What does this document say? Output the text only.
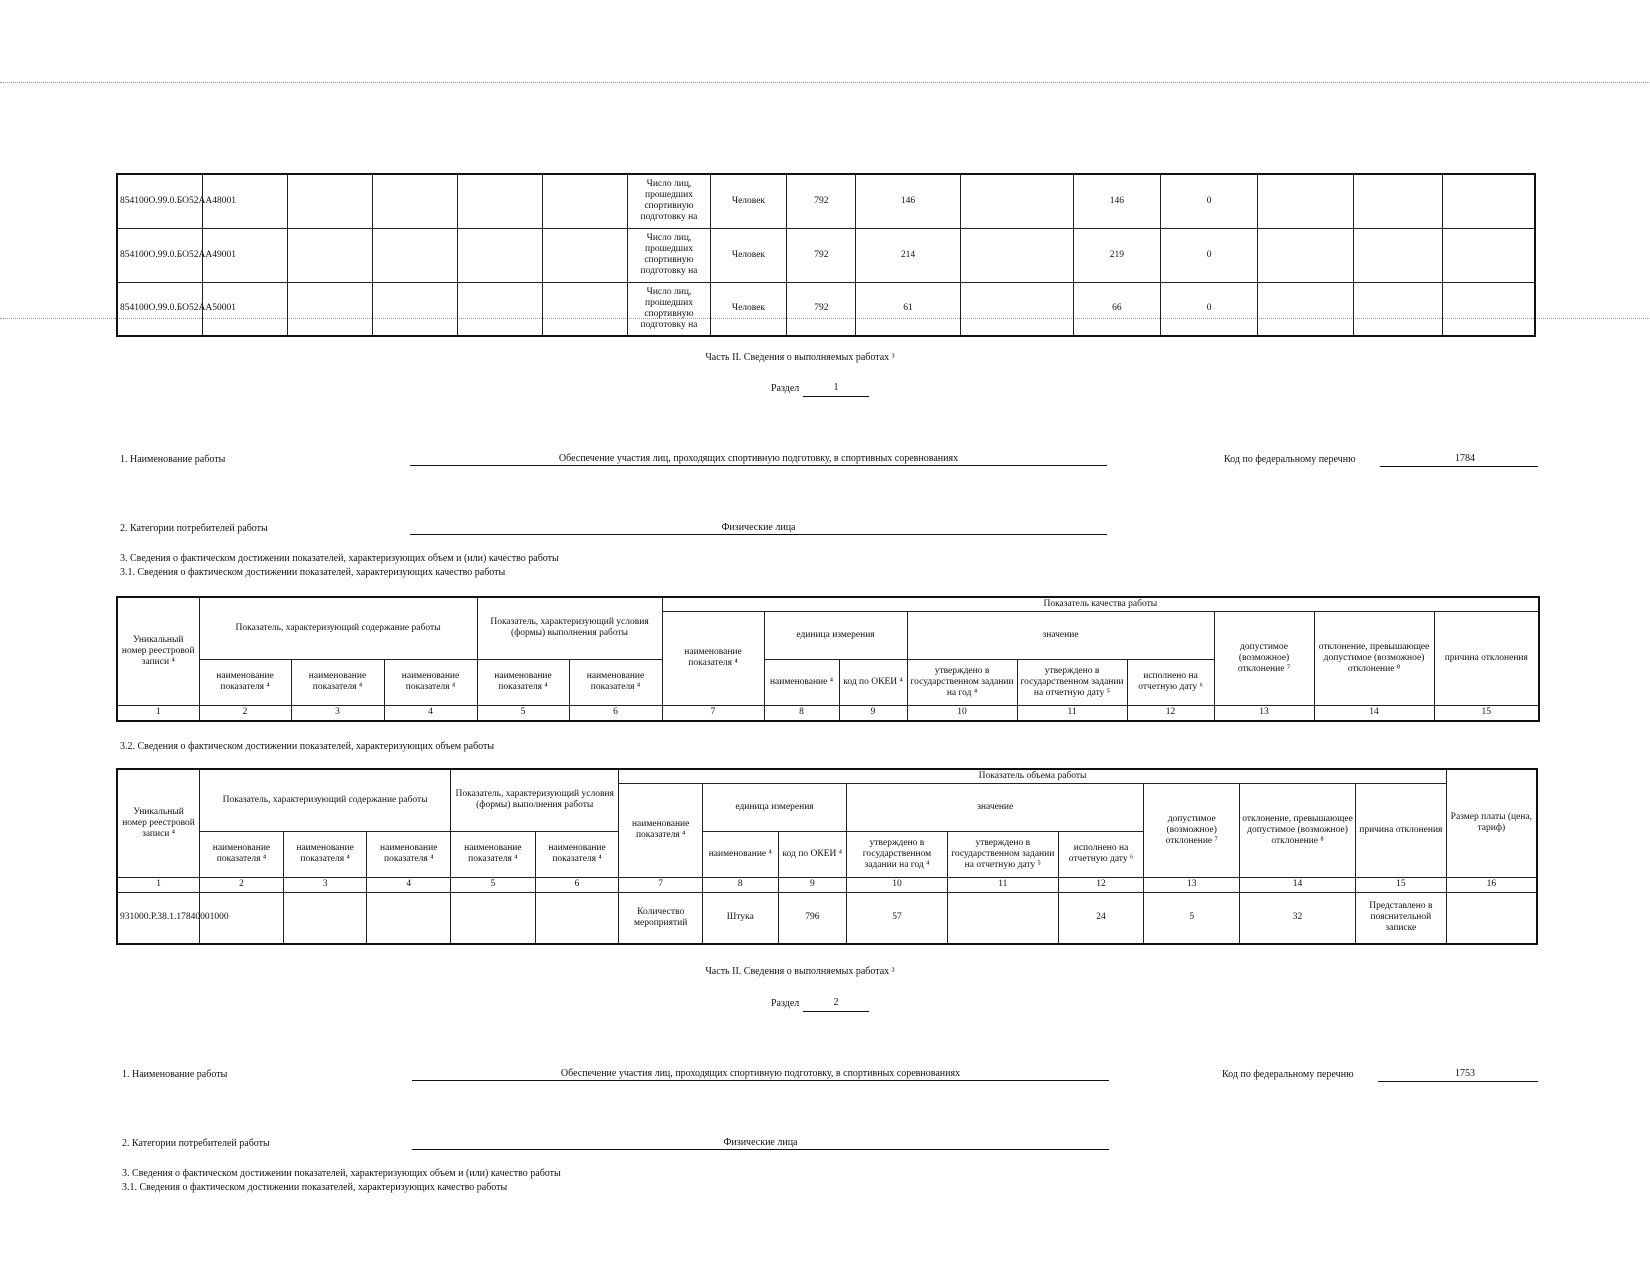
854100О.99.0.БО52АА48001						Число лиц, прошедших спортивную подготовку на	Человек	792	146		146	0			
854100О.99.0.БО52АА49001						Число лиц, прошедших спортивную подготовку на	Человек	792	214		219	0			
854100О.99.0.БО52АА50001						Число лиц, прошедших спортивную подготовку на	Человек	792	61		66	0			
Часть II. Сведения о выполняемых работах ³
Раздел	1
1. Наименование работы	Обеспечение участия лиц, проходящих спортивную подготовку, в спортивных соревнованиях	Код по федеральному перечню	1784
2. Категории потребителей работы	Физические лица
3. Сведения о фактическом достижении показателей, характеризующих объем и (или) качество работы
3.1. Сведения о фактическом достижении показателей, характеризующих качество работы
Уникальный номер реестровой записи ⁴	Показатель, характеризующий содержание работы			Показатель, характеризующий условия (формы) выполнения работы		Показатель качества работы								
						наименование показателя ⁴	единица измерения		значение			допустимое (возможное) отклонение ⁷	отклонение, превышающее допустимое (возможное) отклонение ⁸	причина отклонения
	наименование показателя ⁴	наименование показателя ⁴	наименование показателя ⁴	наименование показателя ⁴	наименование показателя ⁴		наименование ⁴	код по ОКЕИ ⁴	утверждено в государственном задании на год ⁴	утверждено в государственном задании на отчетную дату ⁵	исполнено на отчетную дату ⁶			
1	2	3	4	5	6	7	8	9	10	11	12	13	14	15
3.2. Сведения о фактическом достижении показателей, характеризующих объем работы
Уникальный номер реестровой записи ⁴	Показатель, характеризующий содержание работы			Показатель, характеризующий условия (формы) выполнения работы		Показатель объема работы									Размер платы (цена, тариф)
						наименование показателя ⁴	единица измерения		значение			допустимое (возможное) отклонение ⁷	отклонение, превышающее допустимое (возможное) отклонение ⁸	причина отклонения	
	наименование показателя ⁴	наименование показателя ⁴	наименование показателя ⁴	наименование показателя ⁴	наименование показателя ⁴		наименование ⁴	код по ОКЕИ ⁴	утверждено в государственном задании на год ⁴	утверждено в государственном задании на отчетную дату ⁵	исполнено на отчетную дату ⁶				
1	2	3	4	5	6	7	8	9	10	11	12	13	14	15	16
931000.Р.38.1.17840001000						Количество мероприятий	Штука	796	57		24	5	32	Представлено в пояснительной записке	
Часть II. Сведения о выполняемых работах ³
Раздел	2
1. Наименование работы	Обеспечение участия лиц, проходящих спортивную подготовку, в спортивных соревнованиях	Код по федеральному перечню	1753
2. Категории потребителей работы	Физические лица
3. Сведения о фактическом достижении показателей, характеризующих объем и (или) качество работы
3.1. Сведения о фактическом достижении показателей, характеризующих качество работы
